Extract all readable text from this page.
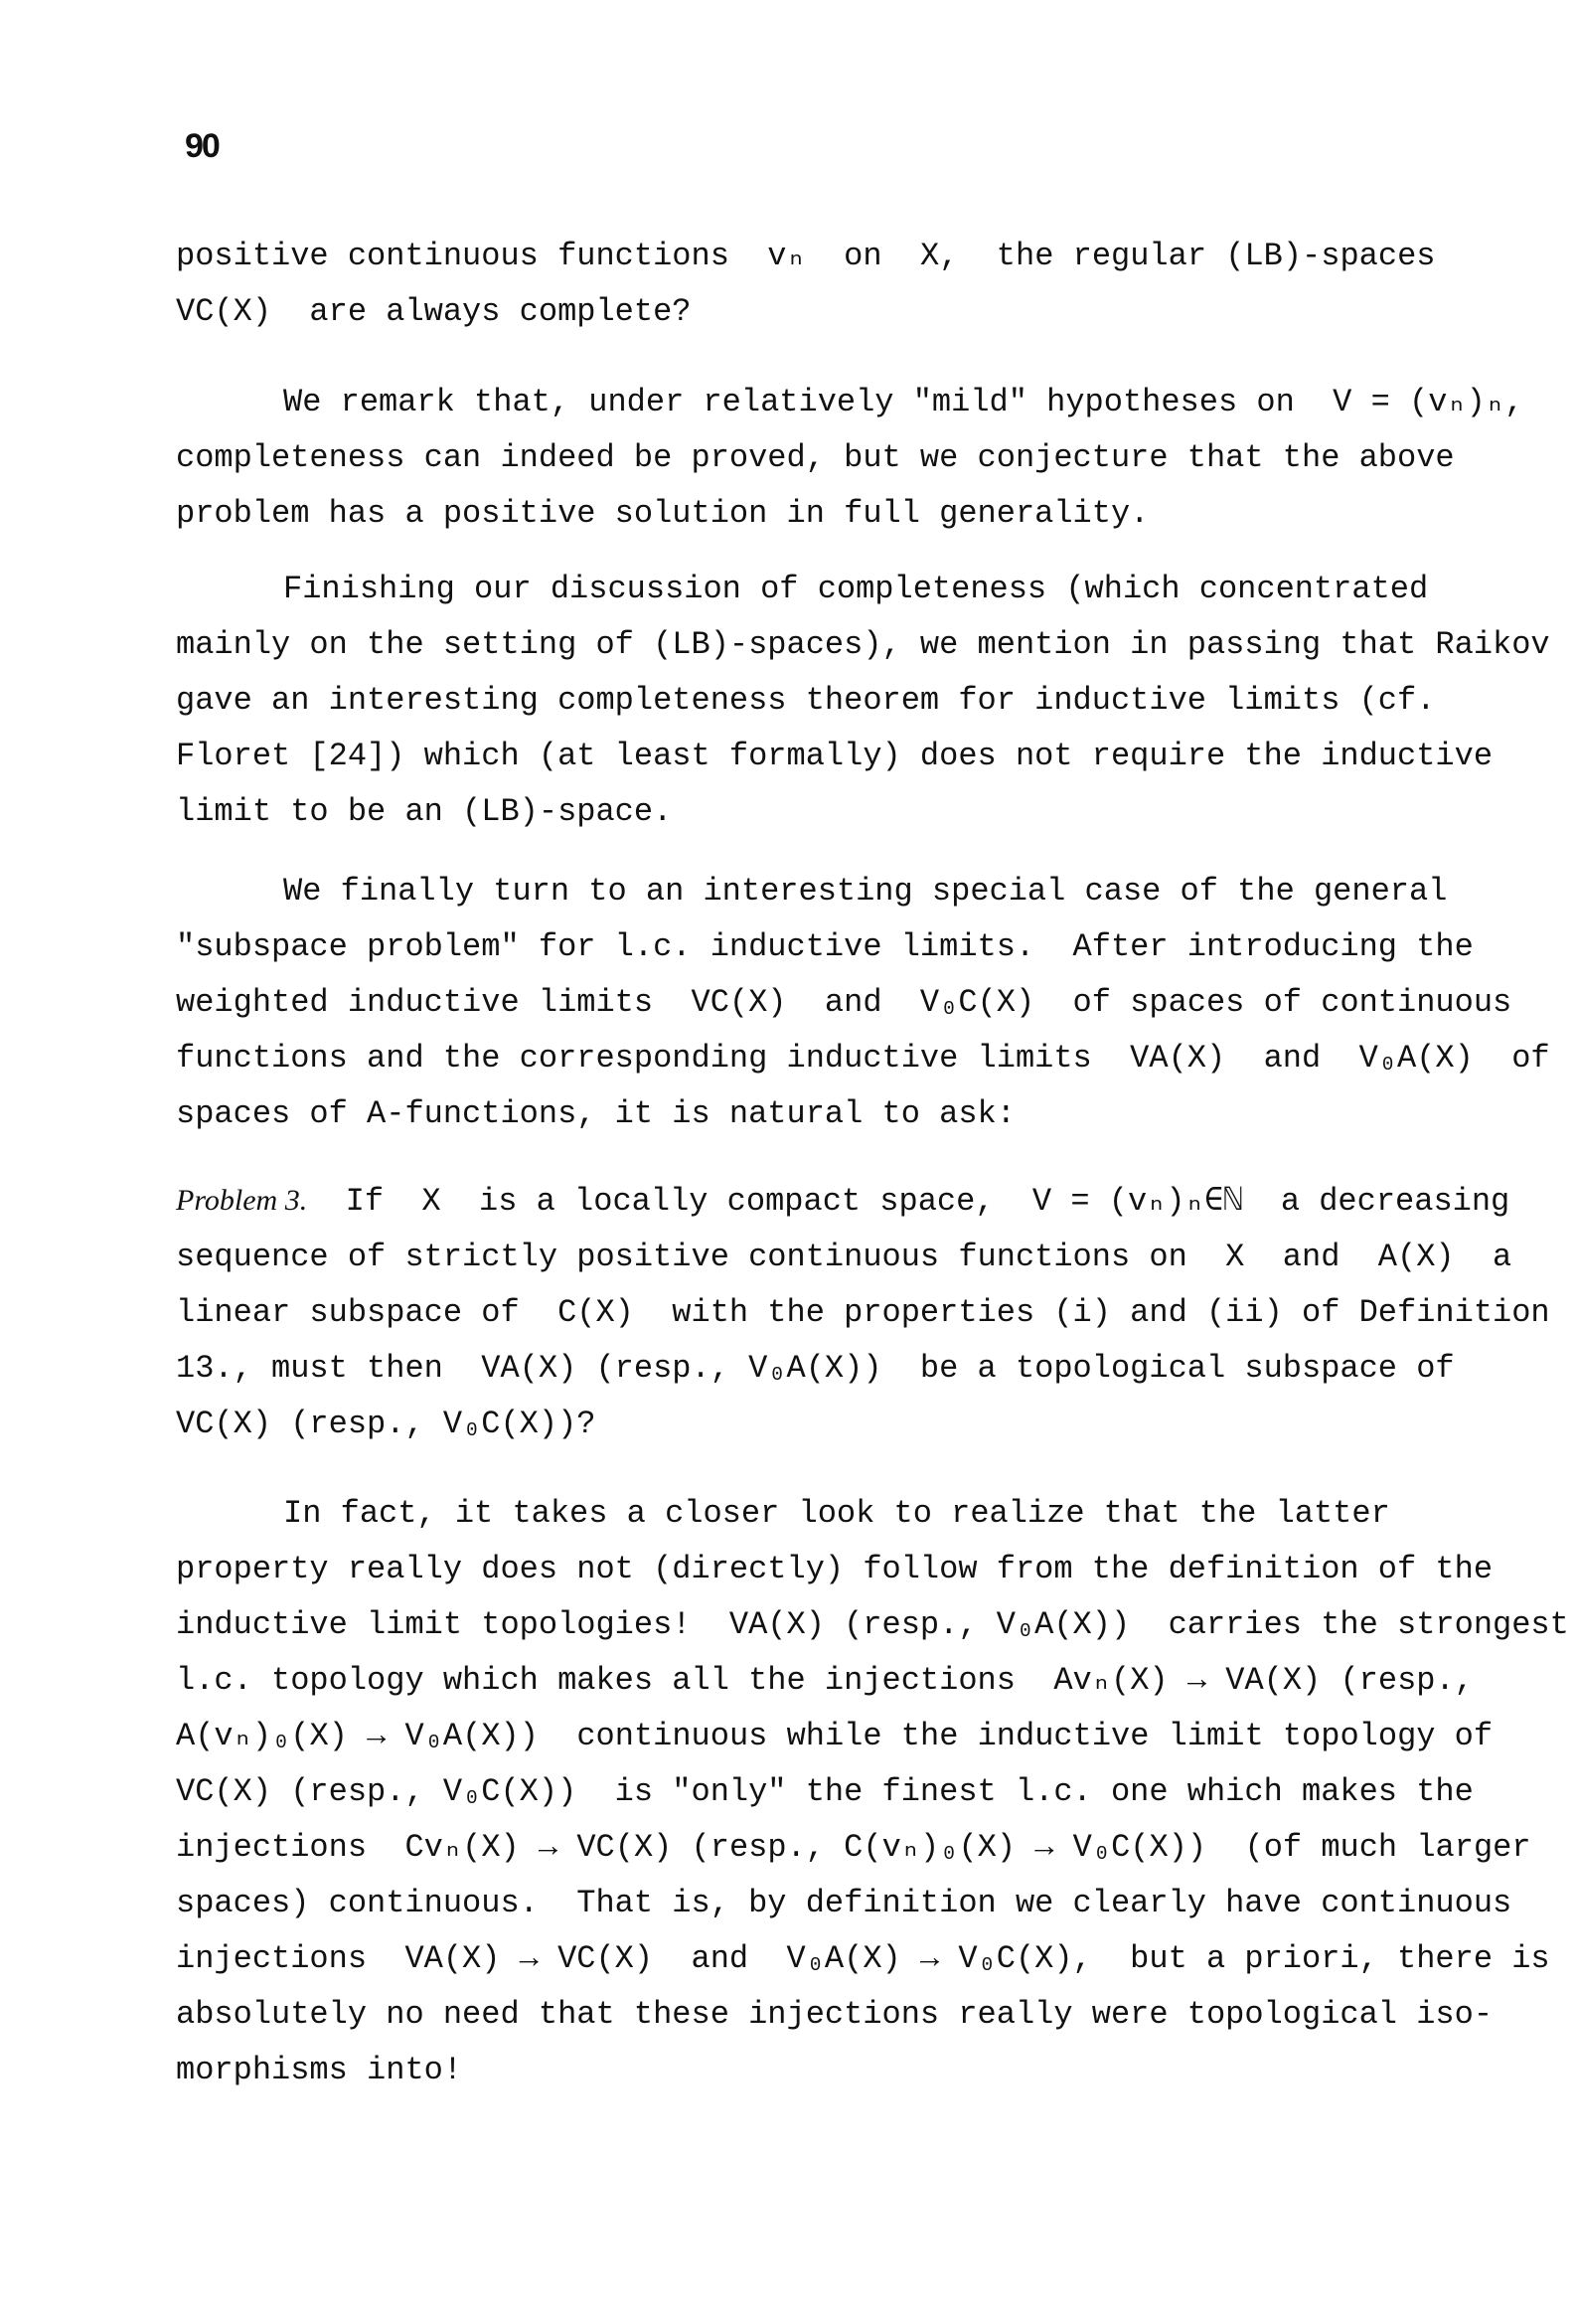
90
positive continuous functions  vₙ  on  X,  the regular (LB)-spaces
VC(X)  are always complete?
We remark that, under relatively "mild" hypotheses on  V = (vₙ)ₙ,
completeness can indeed be proved, but we conjecture that the above
problem has a positive solution in full generality.
Finishing our discussion of completeness (which concentrated
mainly on the setting of (LB)-spaces), we mention in passing that Raikov
gave an interesting completeness theorem for inductive limits (cf.
Floret [24]) which (at least formally) does not require the inductive
limit to be an (LB)-space.
We finally turn to an interesting special case of the general
"subspace problem" for l.c. inductive limits.  After introducing the
weighted inductive limits  VC(X)  and  V₀C(X)  of spaces of continuous
functions and the corresponding inductive limits  VA(X)  and  V₀A(X)  of
spaces of A-functions, it is natural to ask:
Problem 3.  If  X  is a locally compact space,  V = (vₙ)ₙ∈ℕ  a decreasing
sequence of strictly positive continuous functions on  X  and  A(X)  a
linear subspace of  C(X)  with the properties (i) and (ii) of Definition
13., must then  VA(X) (resp., V₀A(X))  be a topological subspace of
VC(X) (resp., V₀C(X))?
In fact, it takes a closer look to realize that the latter
property really does not (directly) follow from the definition of the
inductive limit topologies!  VA(X) (resp., V₀A(X))  carries the strongest
l.c. topology which makes all the injections  Avₙ(X) → VA(X) (resp.,
A(vₙ)₀(X) → V₀A(X))  continuous while the inductive limit topology of
VC(X) (resp., V₀C(X))  is "only" the finest l.c. one which makes the
injections  Cvₙ(X) → VC(X) (resp., C(vₙ)₀(X) → V₀C(X))  (of much larger
spaces) continuous.  That is, by definition we clearly have continuous
injections  VA(X) → VC(X)  and  V₀A(X) → V₀C(X),  but a priori, there is
absolutely no need that these injections really were topological iso-
morphisms into!
